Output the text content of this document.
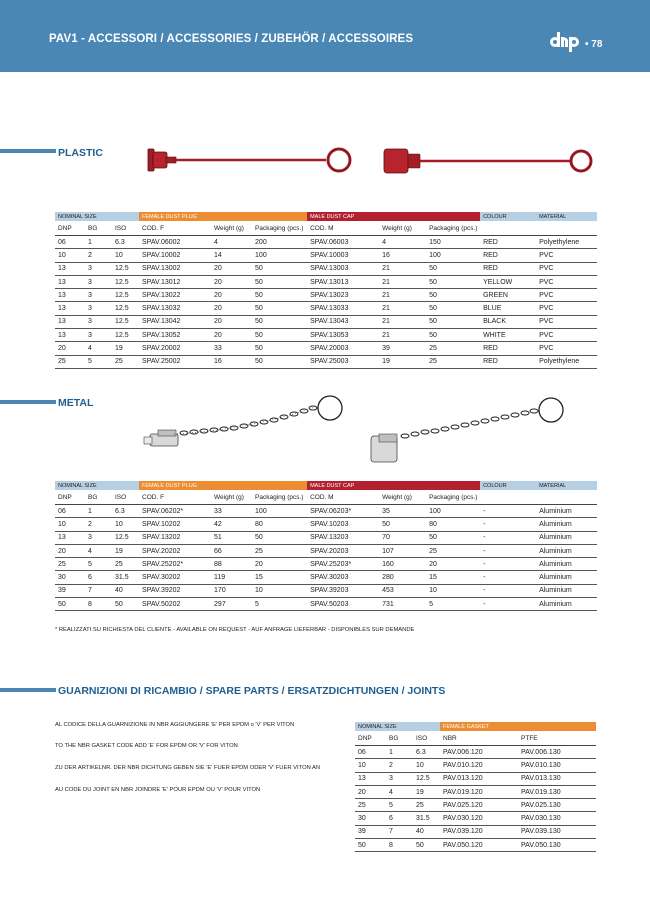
PAV1 - ACCESSORI / ACCESSORIES / ZUBEHÖR / ACCESSOIRES	• 78
PLASTIC
NOMINAL SIZE			FEMALE DUST PLUG			MALE DUST CAP			COLOUR	MATERIAL
DNP	BG	ISO	COD. F	Weight (g)	Packaging (pcs.)	COD. M	Weight (g)	Packaging (pcs.)		
06	1	6.3	SPAV.06002	4	200	SPAV.06003	4	150	RED	Polyethylene
10	2	10	SPAV.10002	14	100	SPAV.10003	16	100	RED	PVC
13	3	12.5	SPAV.13002	20	50	SPAV.13003	21	50	RED	PVC
13	3	12.5	SPAV.13012	20	50	SPAV.13013	21	50	YELLOW	PVC
13	3	12.5	SPAV.13022	20	50	SPAV.13023	21	50	GREEN	PVC
13	3	12.5	SPAV.13032	20	50	SPAV.13033	21	50	BLUE	PVC
13	3	12.5	SPAV.13042	20	50	SPAV.13043	21	50	BLACK	PVC
13	3	12.5	SPAV.13052	20	50	SPAV.13053	21	50	WHITE	PVC
20	4	19	SPAV.20002	33	50	SPAV.20003	39	25	RED	PVC
25	5	25	SPAV.25002	16	50	SPAV.25003	19	25	RED	Polyethylene
METAL
NOMINAL SIZE			FEMALE DUST PLUG			MALE DUST CAP			COLOUR	MATERIAL
DNP	BG	ISO	COD. F	Weight (g)	Packaging (pcs.)	COD. M	Weight (g)	Packaging (pcs.)		
06	1	6.3	SPAV.06202*	33	100	SPAV.06203*	35	100	-	Aluminium
10	2	10	SPAV.10202	42	80	SPAV.10203	50	80	-	Aluminium
13	3	12.5	SPAV.13202	51	50	SPAV.13203	70	50	-	Aluminium
20	4	19	SPAV.20202	66	25	SPAV.20203	107	25	-	Aluminium
25	5	25	SPAV.25202*	88	20	SPAV.25203*	160	20	-	Aluminium
30	6	31.5	SPAV.30202	119	15	SPAV.30203	280	15	-	Aluminium
39	7	40	SPAV.39202	170	10	SPAV.39203	453	10	-	Aluminium
50	8	50	SPAV.50202	297	5	SPAV.50203	731	5	-	Aluminium
* REALIZZATI SU RICHIESTA DEL CLIENTE - AVAILABLE ON REQUEST - AUF ANFRAGE LIEFERBAR - DISPONIBLES SUR DEMANDE
GUARNIZIONI DI RICAMBIO / SPARE PARTS / ERSATZDICHTUNGEN / JOINTS
AL CODICE DELLA GUARNIZIONE IN NBR AGGIUNGERE 'E' PER EPDM o 'V' PER VITON
TO THE NBR GASKET CODE ADD 'E' FOR EPDM OR 'V' FOR VITON
ZU DER ARTIKELNR. DER NBR DICHTUNG GEBEN SIE 'E' FUER EPDM ODER 'V' FUER VITON AN
AU CODE DU JOINT EN NBR JOINDRE 'E' POUR EPDM OU 'V' POUR VITON
NOMINAL SIZE			FEMALE GASKET	
DNP	BG	ISO	NBR	PTFE
06	1	6.3	PAV.006.120	PAV.006.130
10	2	10	PAV.010.120	PAV.010.130
13	3	12.5	PAV.013.120	PAV.013.130
20	4	19	PAV.019.120	PAV.019.130
25	5	25	PAV.025.120	PAV.025.130
30	6	31.5	PAV.030.120	PAV.030.130
39	7	40	PAV.039.120	PAV.039.130
50	8	50	PAV.050.120	PAV.050.130
